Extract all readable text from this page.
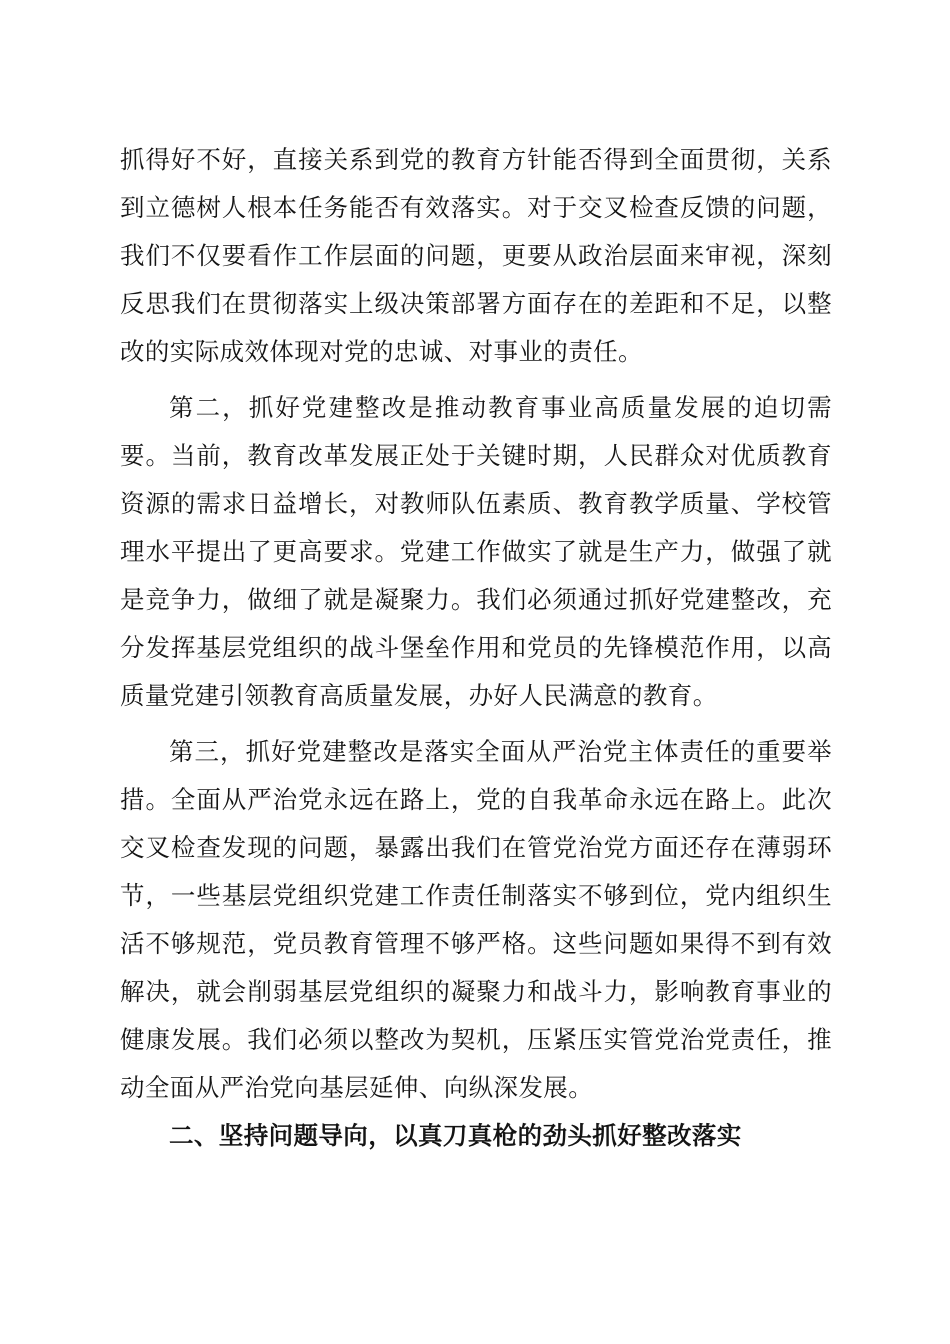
抓得好不好，直接关系到党的教育方针能否得到全面贯彻，关系到立德树人根本任务能否有效落实。对于交叉检查反馈的问题，我们不仅要看作工作层面的问题，更要从政治层面来审视，深刻反思我们在贯彻落实上级决策部署方面存在的差距和不足，以整改的实际成效体现对党的忠诚、对事业的责任。

第二，抓好党建整改是推动教育事业高质量发展的迫切需要。当前，教育改革发展正处于关键时期，人民群众对优质教育资源的需求日益增长，对教师队伍素质、教育教学质量、学校管理水平提出了更高要求。党建工作做实了就是生产力，做强了就是竞争力，做细了就是凝聚力。我们必须通过抓好党建整改，充分发挥基层党组织的战斗堡垒作用和党员的先锋模范作用，以高质量党建引领教育高质量发展，办好人民满意的教育。

第三，抓好党建整改是落实全面从严治党主体责任的重要举措。全面从严治党永远在路上，党的自我革命永远在路上。此次交叉检查发现的问题，暴露出我们在管党治党方面还存在薄弱环节，一些基层党组织党建工作责任制落实不够到位，党内组织生活不够规范，党员教育管理不够严格。这些问题如果得不到有效解决，就会削弱基层党组织的凝聚力和战斗力，影响教育事业的健康发展。我们必须以整改为契机，压紧压实管党治党责任，推动全面从严治党向基层延伸、向纵深发展。

二、坚持问题导向，以真刀真枪的劲头抓好整改落实
